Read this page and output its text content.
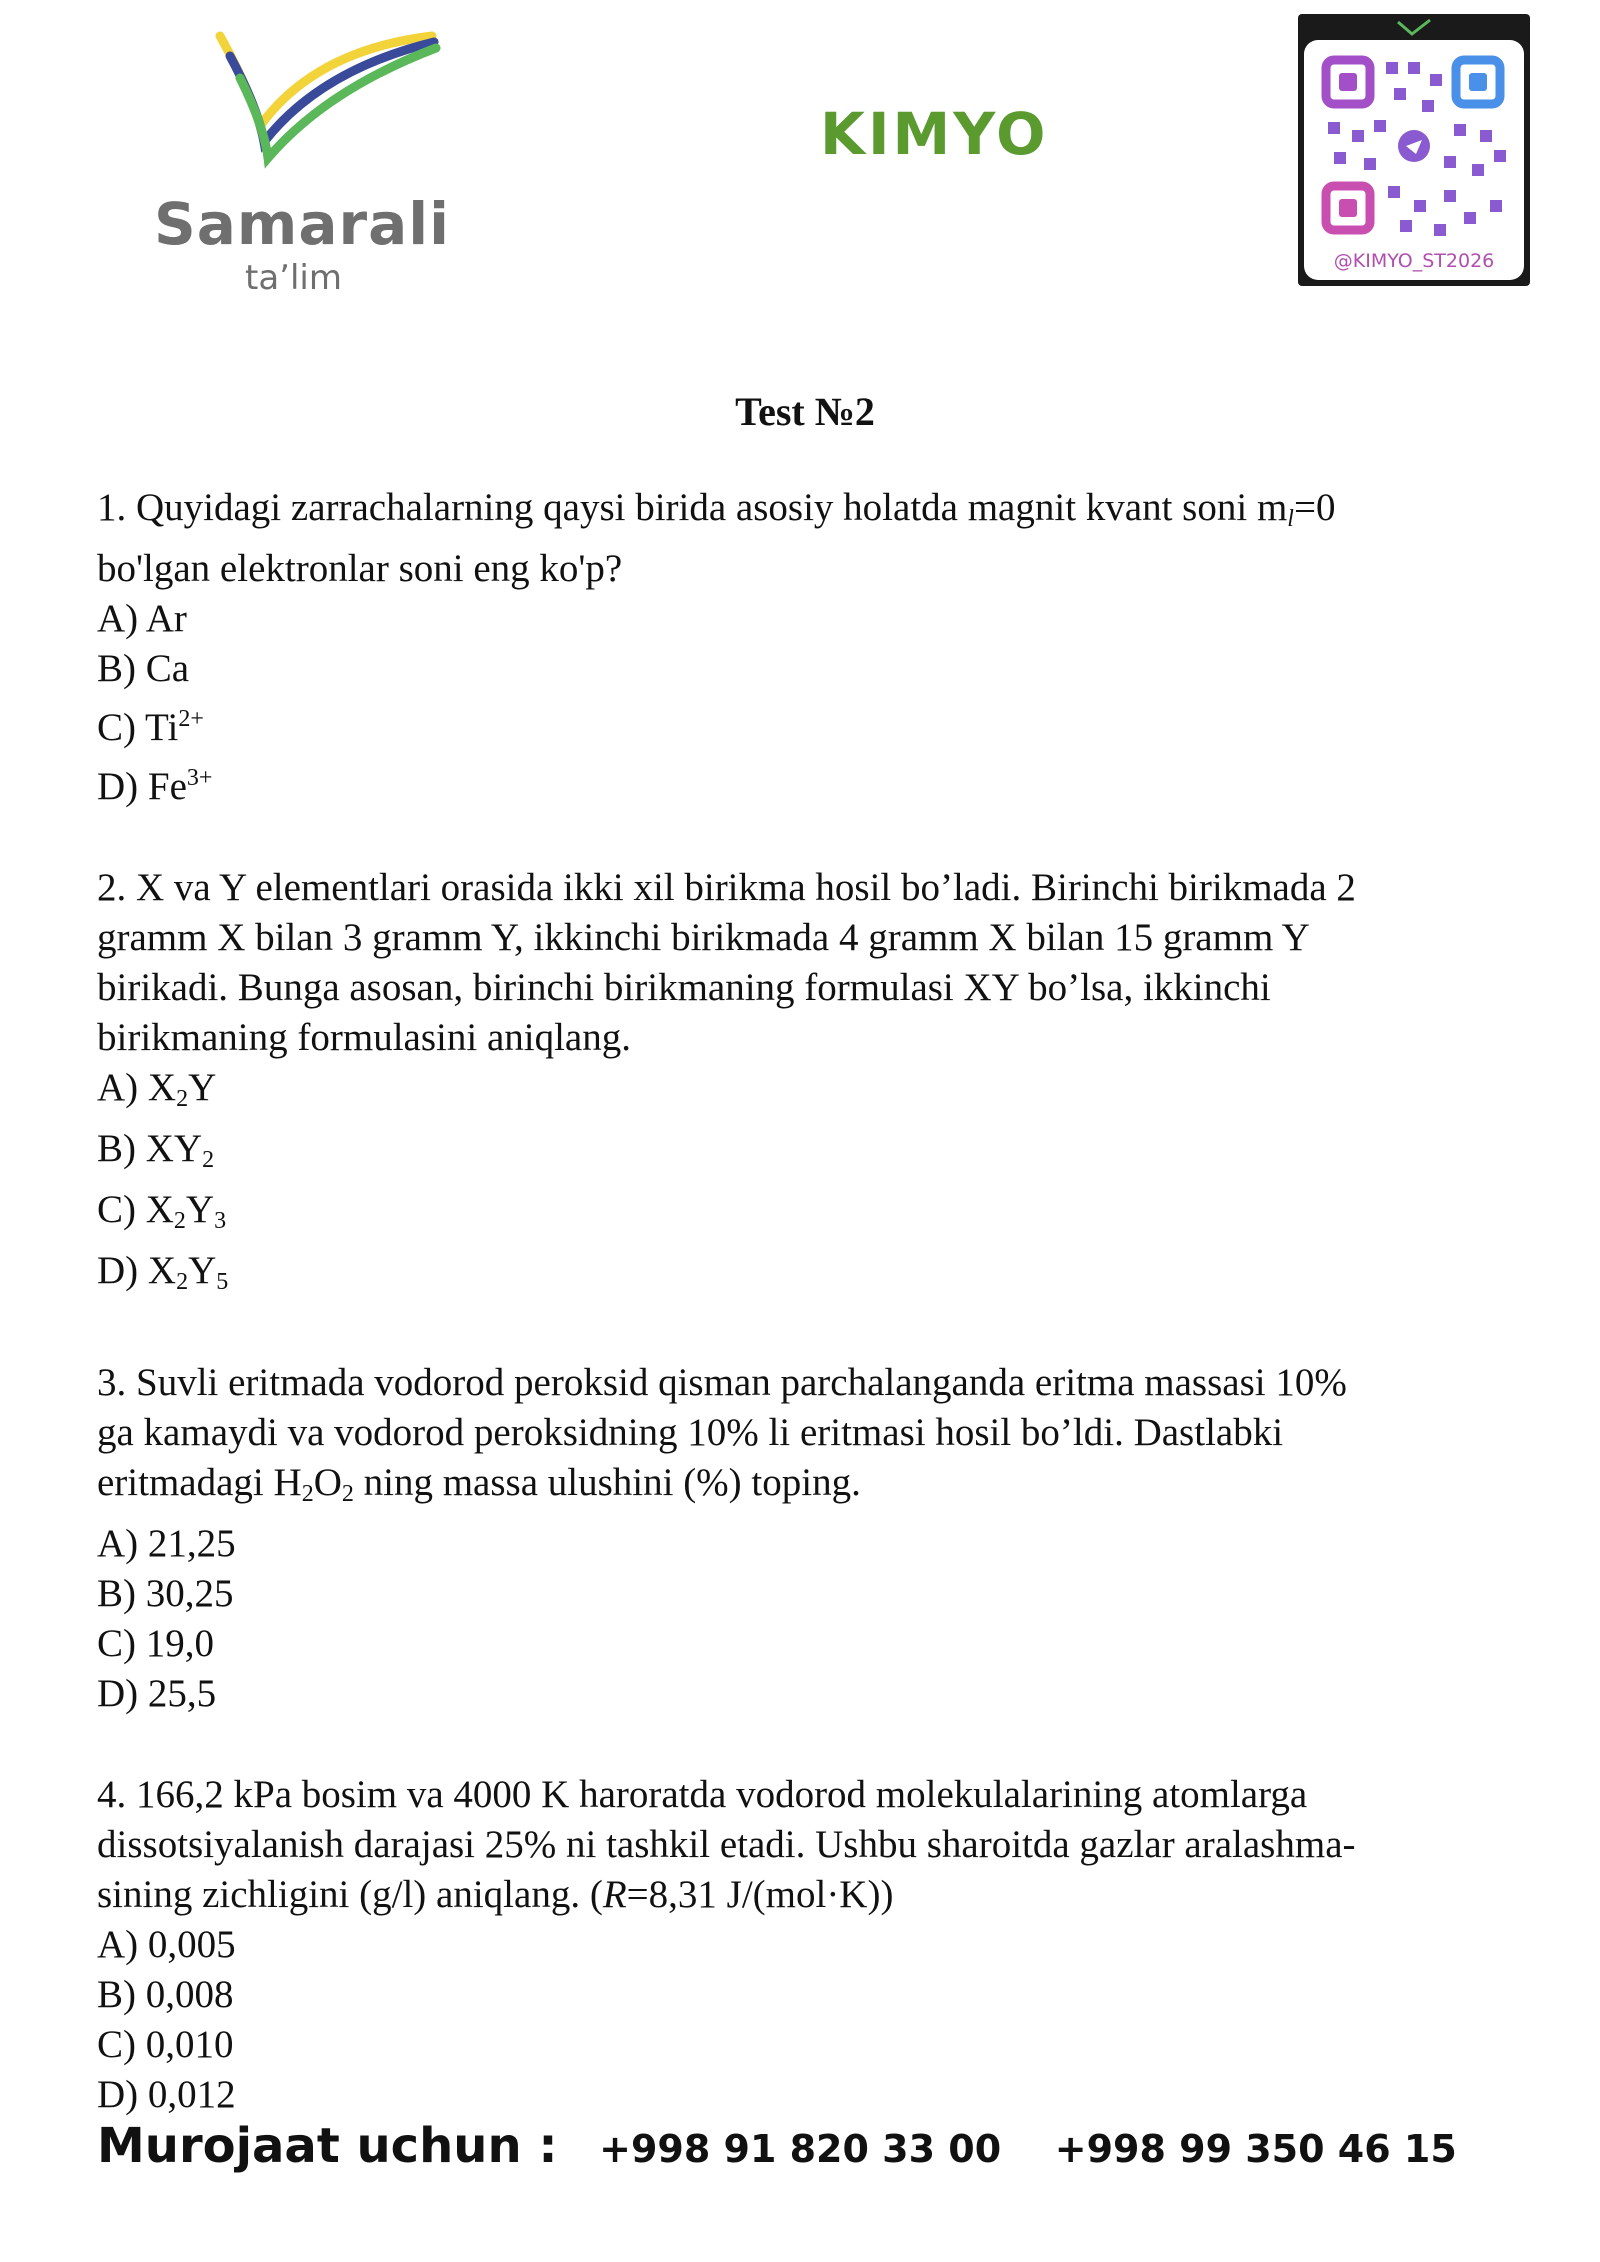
Samarali
ta’lim
KIMYO
@KIMYO_ST2026
Test №2
1. Quyidagi zarrachalarning qaysi birida asosiy holatda magnit kvant soni $m_l=0$
bo'lgan elektronlar soni eng ko'p?
A) Ar
B) Ca
C) $Ti^{2+}$
D) $Fe^{3+}$
2. X va Y elementlari orasida ikki xil birikma hosil bo’ladi. Birinchi birikmada 2
gramm X bilan 3 gramm Y, ikkinchi birikmada 4 gramm X bilan 15 gramm Y
birikadi. Bunga asosan, birinchi birikmaning formulasi XY bo’lsa, ikkinchi
birikmaning formulasini aniqlang.
A) $X_2Y$
B) $XY_2$
C) $X_2Y_3$
D) $X_2Y_5$
3. Suvli eritmada vodorod peroksid qisman parchalanganda eritma massasi 10%
ga kamaydi va vodorod peroksidning 10% li eritmasi hosil bo’ldi. Dastlabki
eritmadagi $H_2O_2$ ning massa ulushini (%) toping.
A) 21,25
B) 30,25
C) 19,0
D) 25,5
4. 166,2 kPa bosim va 4000 K haroratda vodorod molekulalarining atomlarga
dissotsiyalanish darajasi 25% ni tashkil etadi. Ushbu sharoitda gazlar aralashma-
sining zichligini (g/l) aniqlang. (R=8,31 J/(mol·K))
A) 0,005
B) 0,008
C) 0,010
D) 0,012
Murojaat uchun : +998 91 820 33 00 +998 99 350 46 15
